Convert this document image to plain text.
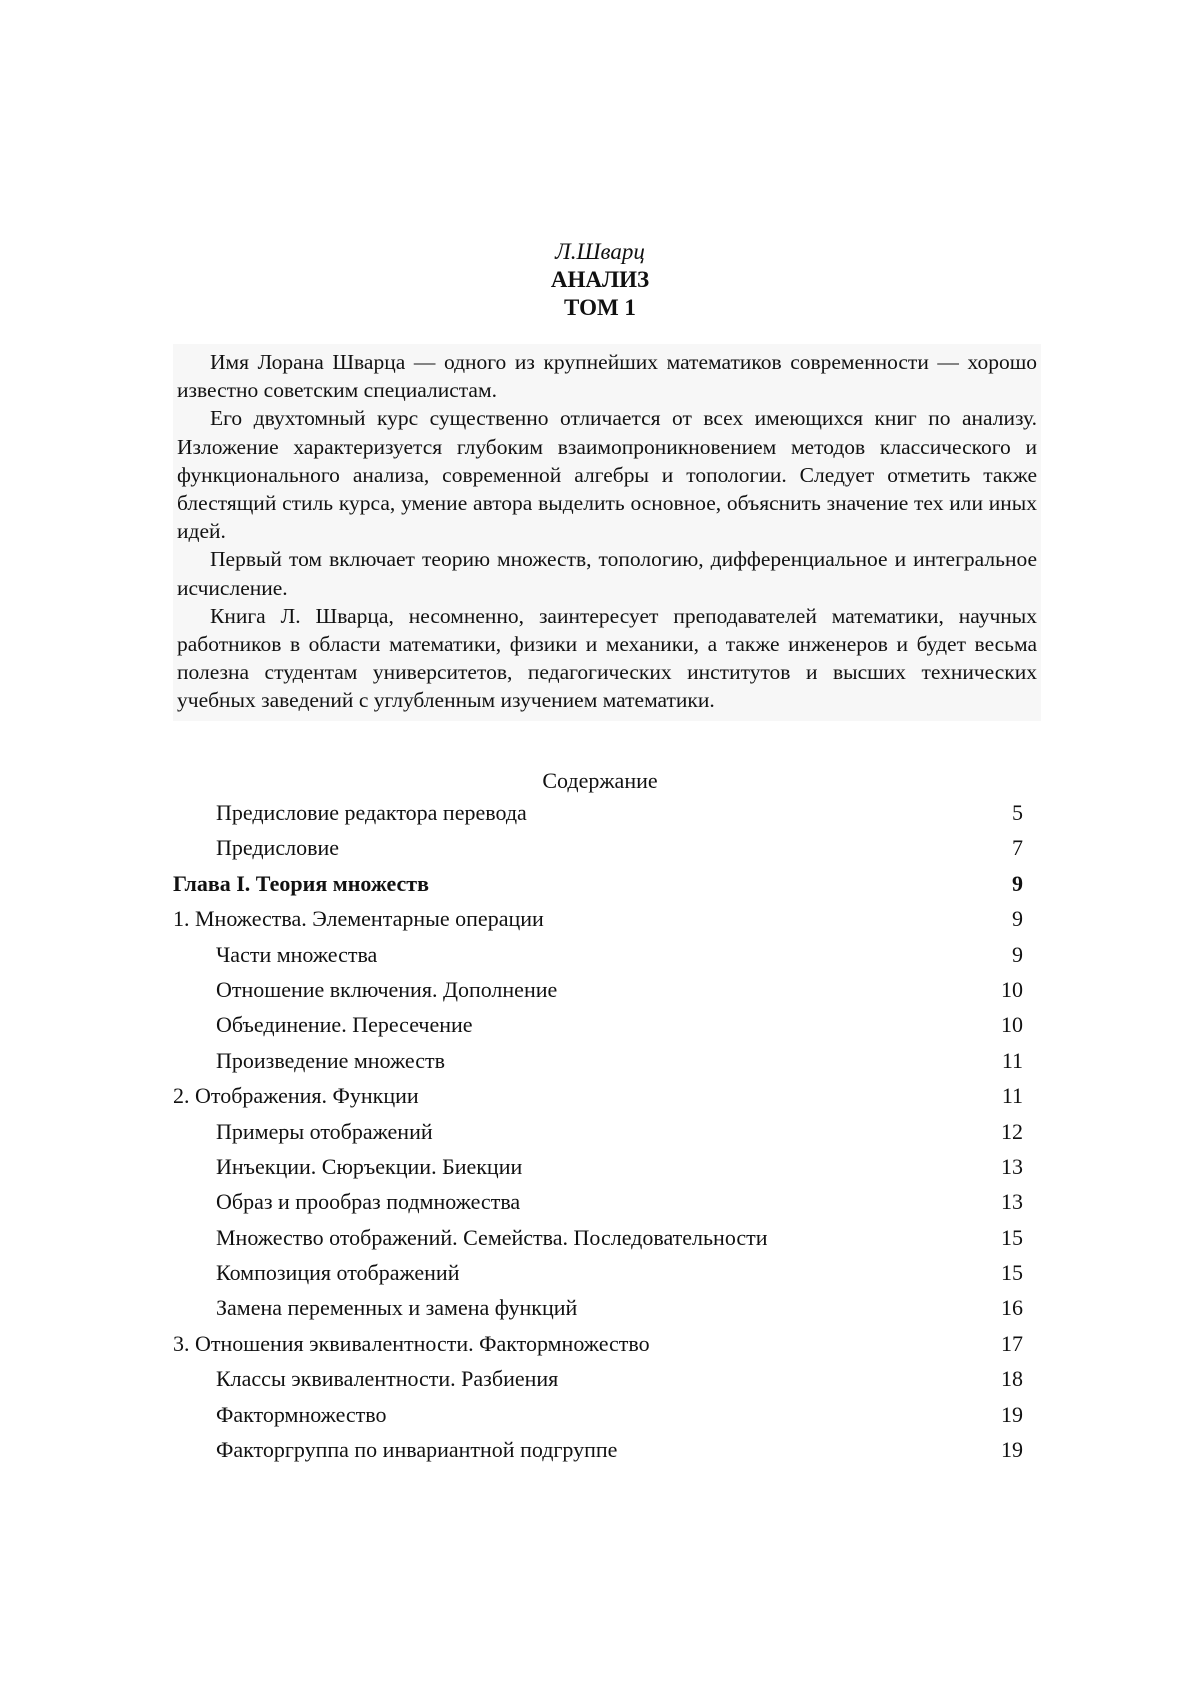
Л.Шварц
АНАЛИЗ
ТОМ 1

Имя Лорана Шварца — одного из крупнейших математиков современности — хорошо известно советским специалистам.

Его двухтомный курс существенно отличается от всех имеющихся книг по анализу. Изложение характеризуется глубоким взаимопроникновением методов классического и функционального анализа, современной алгебры и топологии. Следует отметить также блестящий стиль курса, умение автора выделить основное, объяснить значение тех или иных идей.

Первый том включает теорию множеств, топологию, дифференциальное и интегральное исчисление.

Книга Л. Шварца, несомненно, заинтересует преподавателей математики, научных работников в области математики, физики и механики, а также инженеров и будет весьма полезна студентам университетов, педагогических институтов и высших технических учебных заведений с углубленным изучением математики.

Содержание
Предисловие редактора перевода	5
Предисловие	7
Глава I. Теория множеств	9
1. Множества. Элементарные операции	9
Части множества	9
Отношение включения. Дополнение	10
Объединение. Пересечение	10
Произведение множеств	11
2. Отображения. Функции	11
Примеры отображений	12
Инъекции. Сюръекции. Биекции	13
Образ и прообраз подмножества	13
Множество отображений. Семейства. Последовательности	15
Композиция отображений	15
Замена переменных и замена функций	16
3. Отношения эквивалентности. Фактормножество	17
Классы эквивалентности. Разбиения	18
Фактормножество	19
Факторгруппа по инвариантной подгруппе	19
